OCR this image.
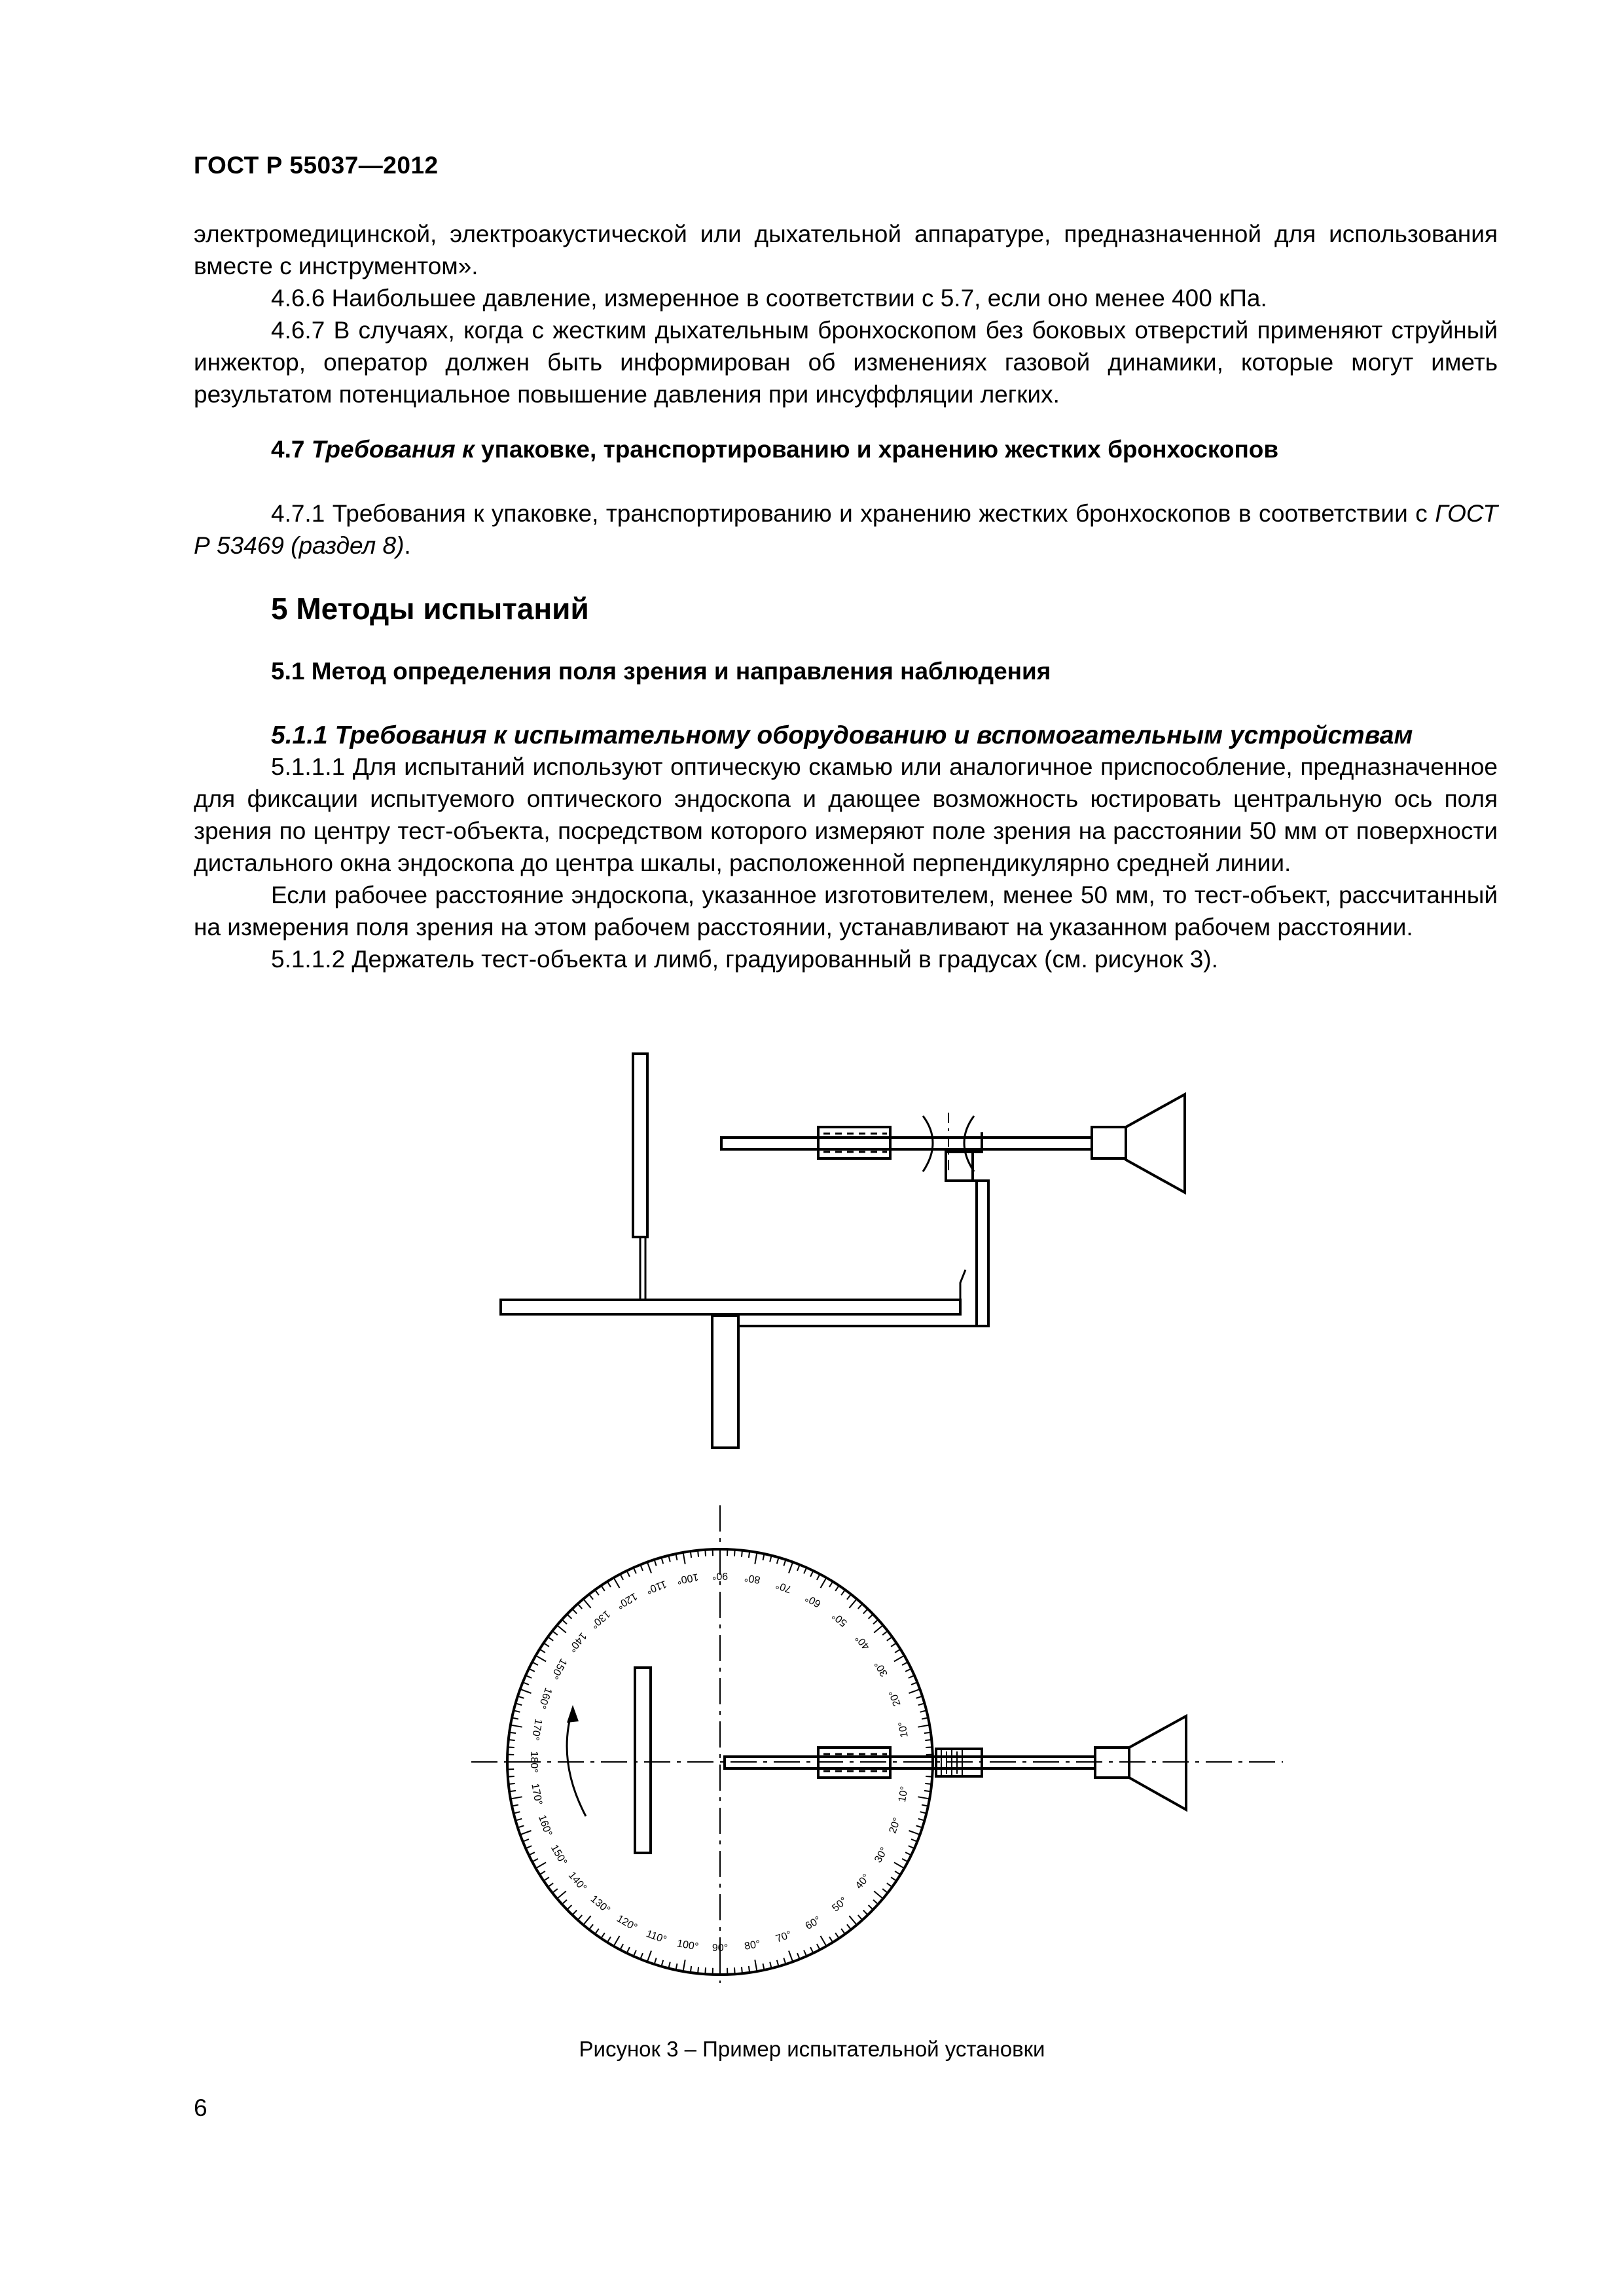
ГОСТ Р 55037—2012

электромедицинской, электроакустической или дыхательной аппаратуре, предназначенной для использования вместе с инструментом».

4.6.6 Наибольшее давление, измеренное в соответствии с 5.7, если оно менее 400 кПа.

4.6.7 В случаях, когда с жестким дыхательным бронхоскопом без боковых отверстий применяют струйный инжектор, оператор должен быть информирован об изменениях газовой динамики, которые могут иметь результатом потенциальное повышение давления при инсуффляции легких.

4.7 Требования к упаковке, транспортированию и хранению жестких бронхоскопов

4.7.1 Требования к упаковке, транспортированию и хранению жестких бронхоскопов в соответствии с ГОСТ Р 53469 (раздел 8).

5 Методы испытаний
5.1 Метод определения поля зрения и направления наблюдения
5.1.1 Требования к испытательному оборудованию и вспомогательным устройствам

5.1.1.1 Для испытаний используют оптическую скамью или аналогичное приспособление, предназначенное для фиксации испытуемого оптического эндоскопа и дающее возможность юстировать центральную ось поля зрения по центру тест-объекта, посредством которого измеряют поле зрения на расстоянии 50 мм от поверхности дистального окна эндоскопа до центра шкалы, расположенной перпендикулярно средней линии.

Если рабочее расстояние эндоскопа, указанное изготовителем, менее 50 мм, то тест-объект, рассчитанный на измерения поля зрения на этом рабочем расстоянии, устанавливают на указанном рабочем расстоянии.

5.1.1.2 Держатель тест-объекта и лимб, градуированный в градусах (см. рисунок 3).

10°
20°
30°
40°
50°
60°
70°
80°
90°
100°
110°
120°
130°
140°
150°
160°
170°
180°
10°
20°
30°
40°
50°
60°
70°
80°
90°
100°
110°
120°
130°
140°
150°
160°
170°
Рисунок 3 – Пример испытательной установки
6
